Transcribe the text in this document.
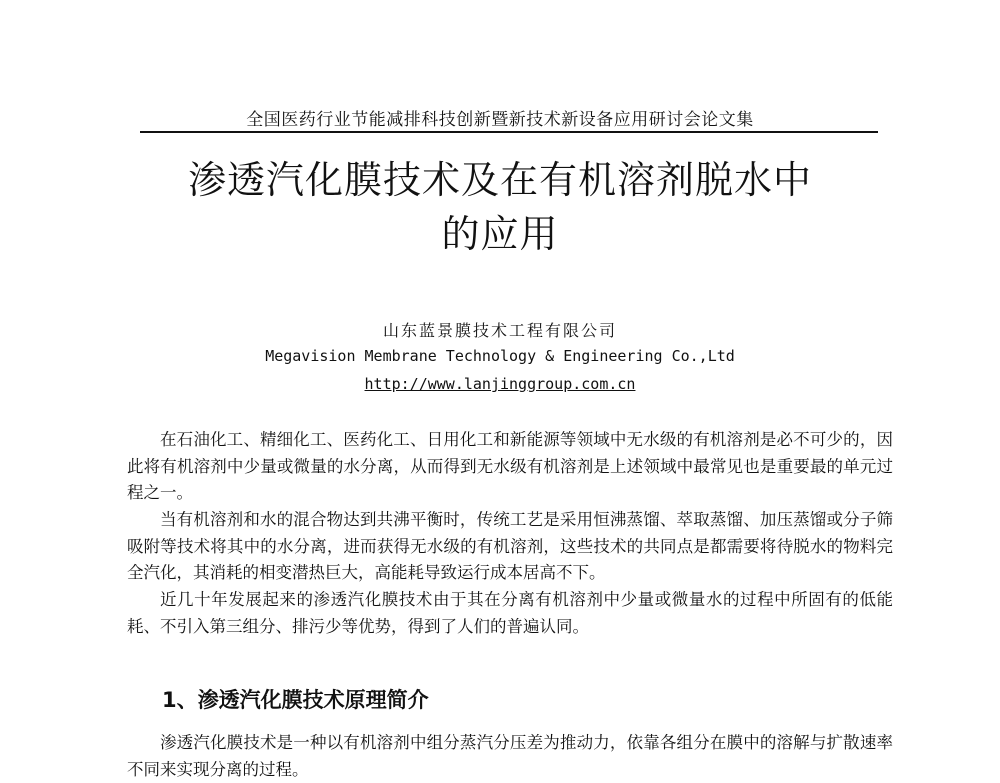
全国医药行业节能减排科技创新暨新技术新设备应用研讨会论文集
渗透汽化膜技术及在有机溶剂脱水中
的应用
山东蓝景膜技术工程有限公司
Megavision Membrane Technology & Engineering Co.,Ltd
http://www.lanjinggroup.com.cn

在石油化工、精细化工、医药化工、日用化工和新能源等领域中无水级的有机溶剂是必不可少的，因此将有机溶剂中少量或微量的水分离，从而得到无水级有机溶剂是上述领域中最常见也是重要最的单元过程之一。

当有机溶剂和水的混合物达到共沸平衡时，传统工艺是采用恒沸蒸馏、萃取蒸馏、加压蒸馏或分子筛吸附等技术将其中的水分离，进而获得无水级的有机溶剂，这些技术的共同点是都需要将待脱水的物料完全汽化，其消耗的相变潜热巨大，高能耗导致运行成本居高不下。

近几十年发展起来的渗透汽化膜技术由于其在分离有机溶剂中少量或微量水的过程中所固有的低能耗、不引入第三组分、排污少等优势，得到了人们的普遍认同。

1、渗透汽化膜技术原理简介

渗透汽化膜技术是一种以有机溶剂中组分蒸汽分压差为推动力，依靠各组分在膜中的溶解与扩散速率不同来实现分离的过程。
